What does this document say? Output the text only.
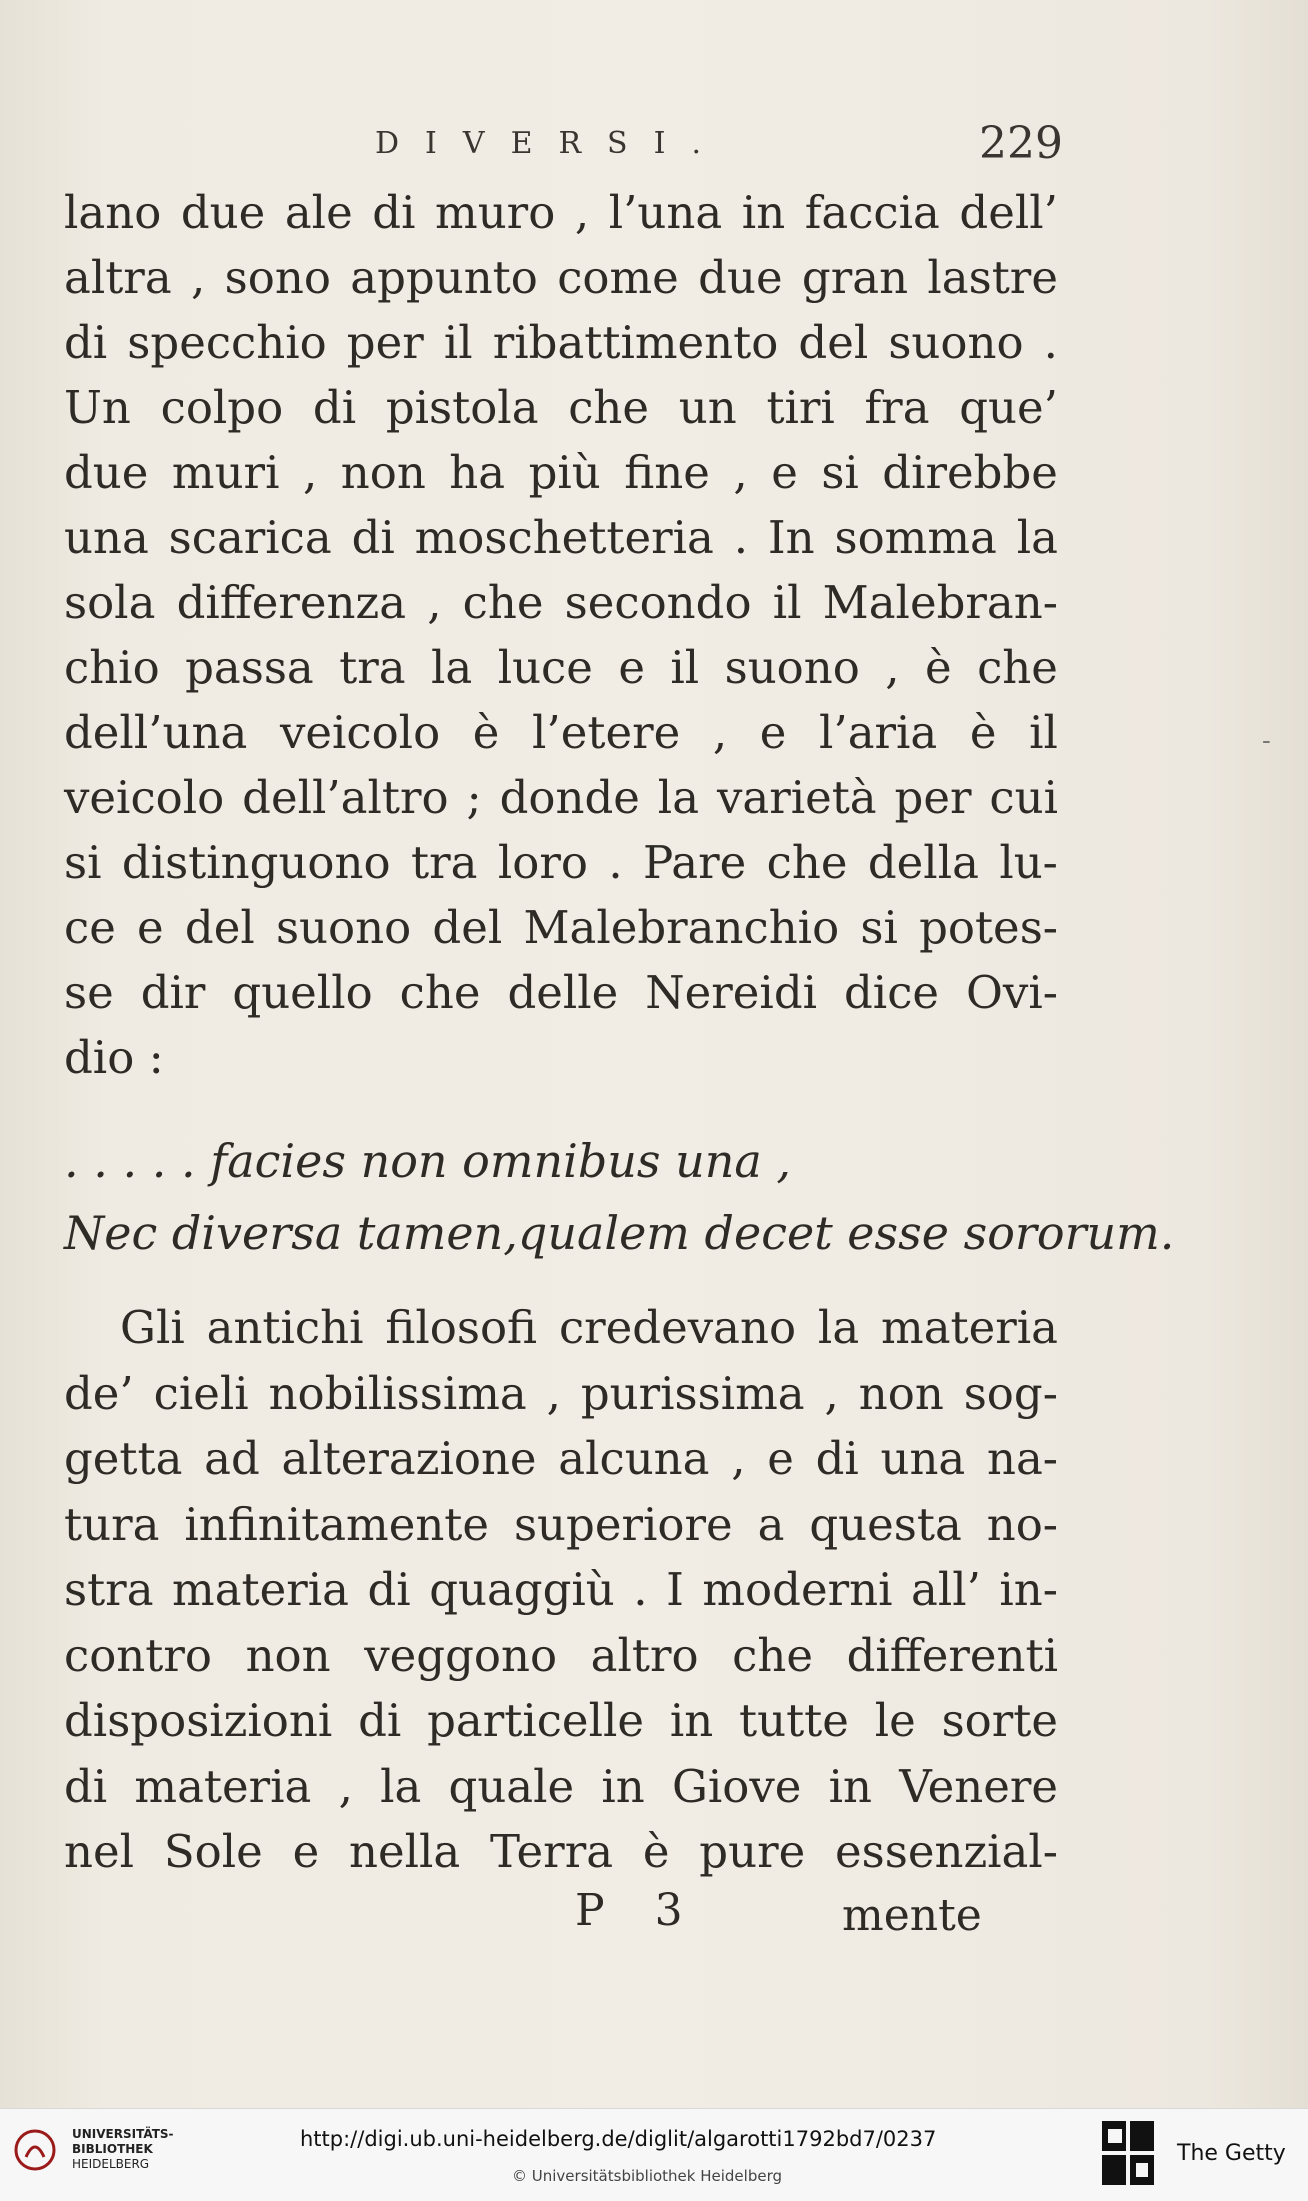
DIVERSI.	229
lano due ale di muro , l’una in faccia dell’
altra , sono appunto come due gran lastre
di specchio per il ribattimento del suono .
Un colpo di pistola che un tiri fra que’
due muri , non ha più fine , e si direbbe
una scarica di moschetteria . In somma la
sola differenza , che secondo il Malebran-
chio passa tra la luce e il suono , è che
dell’una veicolo è l’etere , e l’aria è il
veicolo dell’altro ; donde la varietà per cui
si distinguono tra loro . Pare che della lu-
ce e del suono del Malebranchio si potes-
se dir quello che delle Nereidi dice Ovi-
dio :
. . . . . facies non omnibus una ,
Nec diversa tamen,qualem decet esse sororum.
Gli antichi filosofi credevano la materia
de’ cieli nobilissima , purissima , non sog-
getta ad alterazione alcuna , e di una na-
tura infinitamente superiore a questa no-
stra materia di quaggiù . I moderni all’ in-
contro non veggono altro che differenti
disposizioni di particelle in tutte le sorte
di materia , la quale in Giove in Venere
nel Sole e nella Terra è pure essenzial-
P 3	mente
-
UNIVERSITÄTS-
BIBLIOTHEK
HEIDELBERG
http://digi.ub.uni-heidelberg.de/diglit/algarotti1792bd7/0237
© Universitätsbibliothek Heidelberg
The Getty
